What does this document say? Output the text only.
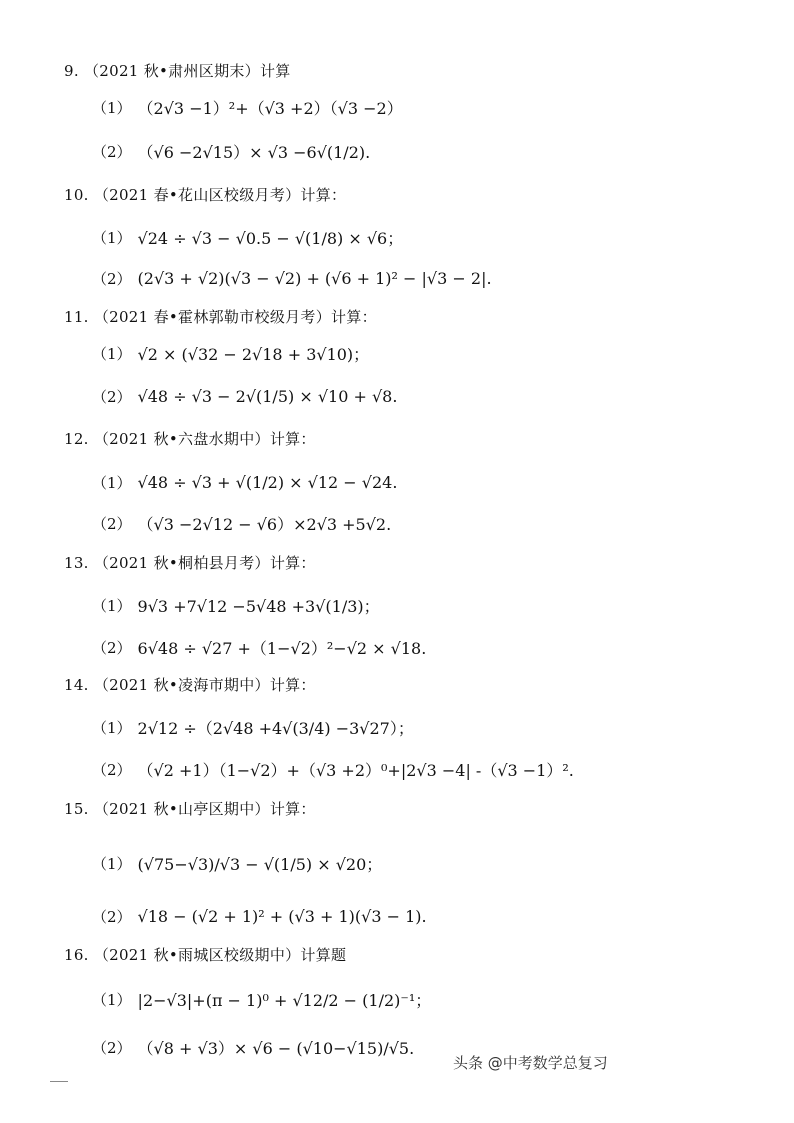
9. （2021 秋•肃州区期末）计算
（1） （2√3 −1）²+（√3 +2）（√3 −2）
（2） （√6 −2√15）× √3 −6√(1/2).
10. （2021 春•花山区校级月考）计算：
（1） √24 ÷ √3 − √0.5 − √(1/8) × √6；
（2） (2√3 + √2)(√3 − √2) + (√6 + 1)² − |√3 − 2|.
11. （2021 春•霍林郭勒市校级月考）计算：
（1） √2 × (√32 − 2√18 + 3√10)；
（2） √48 ÷ √3 − 2√(1/5) × √10 + √8.
12. （2021 秋•六盘水期中）计算：
（1） √48 ÷ √3 + √(1/2) × √12 − √24.
（2） （√3 −2√12 − √6）×2√3 +5√2.
13. （2021 秋•桐柏县月考）计算：
（1） 9√3 +7√12 −5√48 +3√(1/3)；
（2） 6√48 ÷ √27 +（1−√2）²−√2 × √18.
14. （2021 秋•凌海市期中）计算：
（1） 2√12 ÷（2√48 +4√(3/4) −3√27）；
（2） （√2 +1）（1−√2）+（√3 +2）⁰+|2√3 −4| -（√3 −1）².
15. （2021 秋•山亭区期中）计算：
（1） (√75−√3)/√3 − √(1/5) × √20；
（2） √18 − (√2 + 1)² + (√3 + 1)(√3 − 1).
16. （2021 秋•雨城区校级期中）计算题
（1） |2−√3|+(π − 1)⁰ + √12/2 − (1/2)⁻¹；
（2） （√8 + √3）× √6 − (√10−√15)/√5.
头条 @中考数学总复习
